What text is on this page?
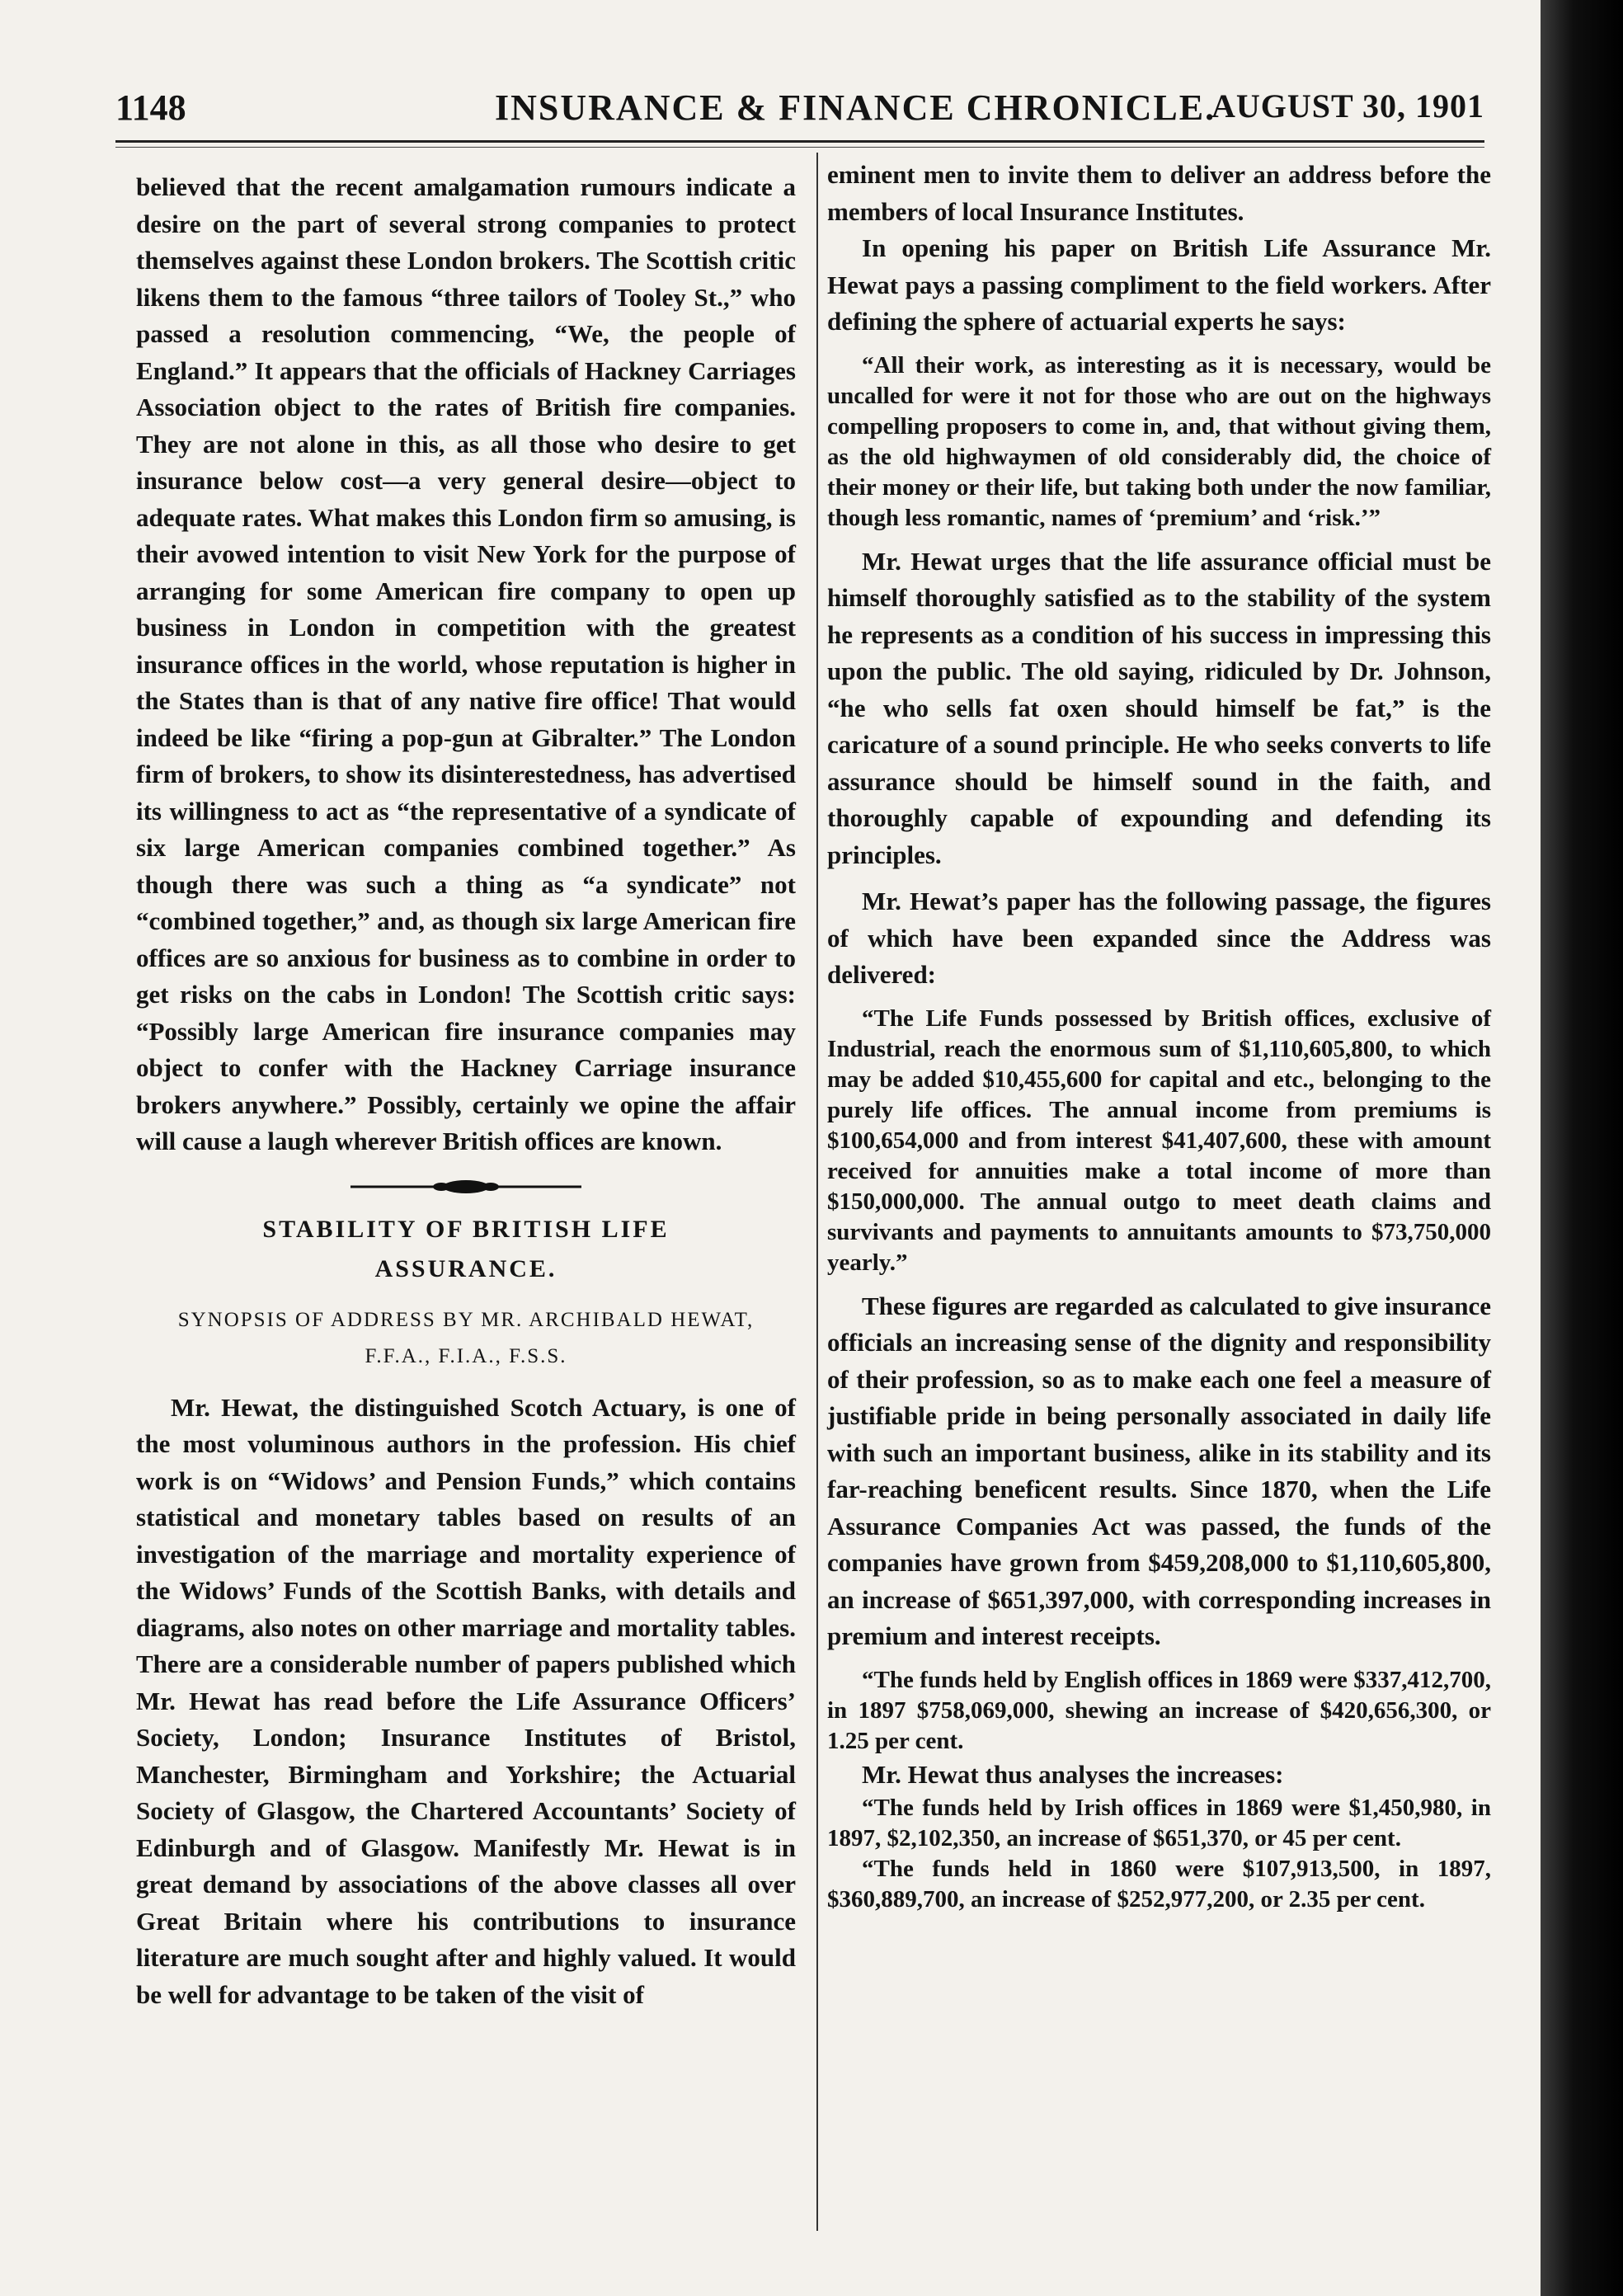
1148	INSURANCE & FINANCE CHRONICLE.
AUGUST 30, 1901

believed that the recent amalgamation rumours indicate a desire on the part of several strong companies to protect themselves against these London brokers. The Scottish critic likens them to the famous “three tailors of Tooley St.,” who passed a resolution commencing, “We, the people of England.” It appears that the officials of Hackney Carriages Association object to the rates of British fire companies. They are not alone in this, as all those who desire to get insurance below cost—a very general desire—object to adequate rates. What makes this London firm so amusing, is their avowed intention to visit New York for the purpose of arranging for some American fire company to open up business in London in competition with the greatest insurance offices in the world, whose reputation is higher in the States than is that of any native fire office! That would indeed be like “firing a pop-gun at Gibralter.” The London firm of brokers, to show its disinterestedness, has advertised its willingness to act as “the representative of a syndicate of six large American companies combined together.” As though there was such a thing as “a syndicate” not “combined together,” and, as though six large American fire offices are so anxious for business as to combine in order to get risks on the cabs in London! The Scottish critic says: “Possibly large American fire insurance companies may object to confer with the Hackney Carriage insurance brokers anywhere.” Possibly, certainly we opine the affair will cause a laugh wherever British offices are known.

STABILITY OF BRITISH LIFE
ASSURANCE.
SYNOPSIS OF ADDRESS BY MR. ARCHIBALD HEWAT,
F.F.A., F.I.A., F.S.S.

Mr. Hewat, the distinguished Scotch Actuary, is one of the most voluminous authors in the profession. His chief work is on “Widows’ and Pension Funds,” which contains statistical and monetary tables based on results of an investigation of the marriage and mortality experience of the Widows’ Funds of the Scottish Banks, with details and diagrams, also notes on other marriage and mortality tables. There are a considerable number of papers published which Mr. Hewat has read before the Life Assurance Officers’ Society, London; Insurance Institutes of Bristol, Manchester, Birmingham and Yorkshire; the Actuarial Society of Glasgow, the Chartered Accountants’ Society of Edinburgh and of Glasgow. Manifestly Mr. Hewat is in great demand by associations of the above classes all over Great Britain where his contributions to insurance literature are much sought after and highly valued. It would be well for advantage to be taken of the visit of

eminent men to invite them to deliver an address before the members of local Insurance Institutes.

In opening his paper on British Life Assurance Mr. Hewat pays a passing compliment to the field workers. After defining the sphere of actuarial experts he says:

“All their work, as interesting as it is necessary, would be uncalled for were it not for those who are out on the highways compelling proposers to come in, and, that without giving them, as the old highwaymen of old considerably did, the choice of their money or their life, but taking both under the now familiar, though less romantic, names of ‘premium’ and ‘risk.’”

Mr. Hewat urges that the life assurance official must be himself thoroughly satisfied as to the stability of the system he represents as a condition of his success in impressing this upon the public. The old saying, ridiculed by Dr. Johnson, “he who sells fat oxen should himself be fat,” is the caricature of a sound principle. He who seeks converts to life assurance should be himself sound in the faith, and thoroughly capable of expounding and defending its principles.

Mr. Hewat’s paper has the following passage, the figures of which have been expanded since the Address was delivered:

“The Life Funds possessed by British offices, exclusive of Industrial, reach the enormous sum of $1,110,605,800, to which may be added $10,455,600 for capital and etc., belonging to the purely life offices. The annual income from premiums is $100,654,000 and from interest $41,407,600, these with amount received for annuities make a total income of more than $150,000,000. The annual outgo to meet death claims and survivants and payments to annuitants amounts to $73,750,000 yearly.”

These figures are regarded as calculated to give insurance officials an increasing sense of the dignity and responsibility of their profession, so as to make each one feel a measure of justifiable pride in being personally associated in daily life with such an important business, alike in its stability and its far-reaching beneficent results. Since 1870, when the Life Assurance Companies Act was passed, the funds of the companies have grown from $459,208,000 to $1,110,605,800, an increase of $651,397,000, with corresponding increases in premium and interest receipts.

“The funds held by English offices in 1869 were $337,412,700, in 1897 $758,069,000, shewing an increase of $420,656,300, or 1.25 per cent.

Mr. Hewat thus analyses the increases:

“The funds held by Irish offices in 1869 were $1,450,980, in 1897, $2,102,350, an increase of $651,370, or 45 per cent.

“The funds held in 1860 were $107,913,500, in 1897, $360,889,700, an increase of $252,977,200, or 2.35 per cent.
